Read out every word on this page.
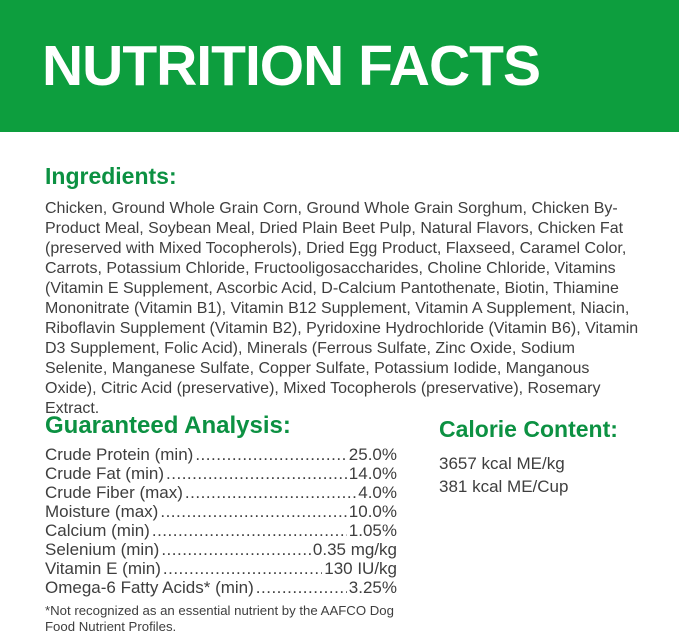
NUTRITION FACTS
Ingredients:

Chicken, Ground Whole Grain Corn, Ground Whole Grain Sorghum, Chicken By-Product Meal, Soybean Meal, Dried Plain Beet Pulp, Natural Flavors, Chicken Fat (preserved with Mixed Tocopherols), Dried Egg Product, Flaxseed, Caramel Color, Carrots, Potassium Chloride, Fructooligosaccharides, Choline Chloride, Vitamins (Vitamin E Supplement, Ascorbic Acid, D-Calcium Pantothenate, Biotin, Thiamine Mononitrate (Vitamin B1), Vitamin B12 Supplement, Vitamin A Supplement, Niacin, Riboflavin Supplement (Vitamin B2), Pyridoxine Hydrochloride (Vitamin B6), Vitamin D3 Supplement, Folic Acid), Minerals (Ferrous Sulfate, Zinc Oxide, Sodium Selenite, Manganese Sulfate, Copper Sulfate, Potassium Iodide, Manganous Oxide), Citric Acid (preservative), Mixed Tocopherols (preservative), Rosemary Extract.

Guaranteed Analysis:
Crude Protein (min) .....	25.0%
Crude Fat (min) .....	14.0%
Crude Fiber (max) .....	4.0%
Moisture (max) .....	10.0%
Calcium (min) .....	1.05%
Selenium (min) .....	0.35 mg/kg
Vitamin E (min) .....	130 IU/kg
Omega-6 Fatty Acids* (min) .....	3.25%

*Not recognized as an essential nutrient by the AAFCO Dog Food Nutrient Profiles.

Calorie Content:
3657 kcal ME/kg
381 kcal ME/Cup
